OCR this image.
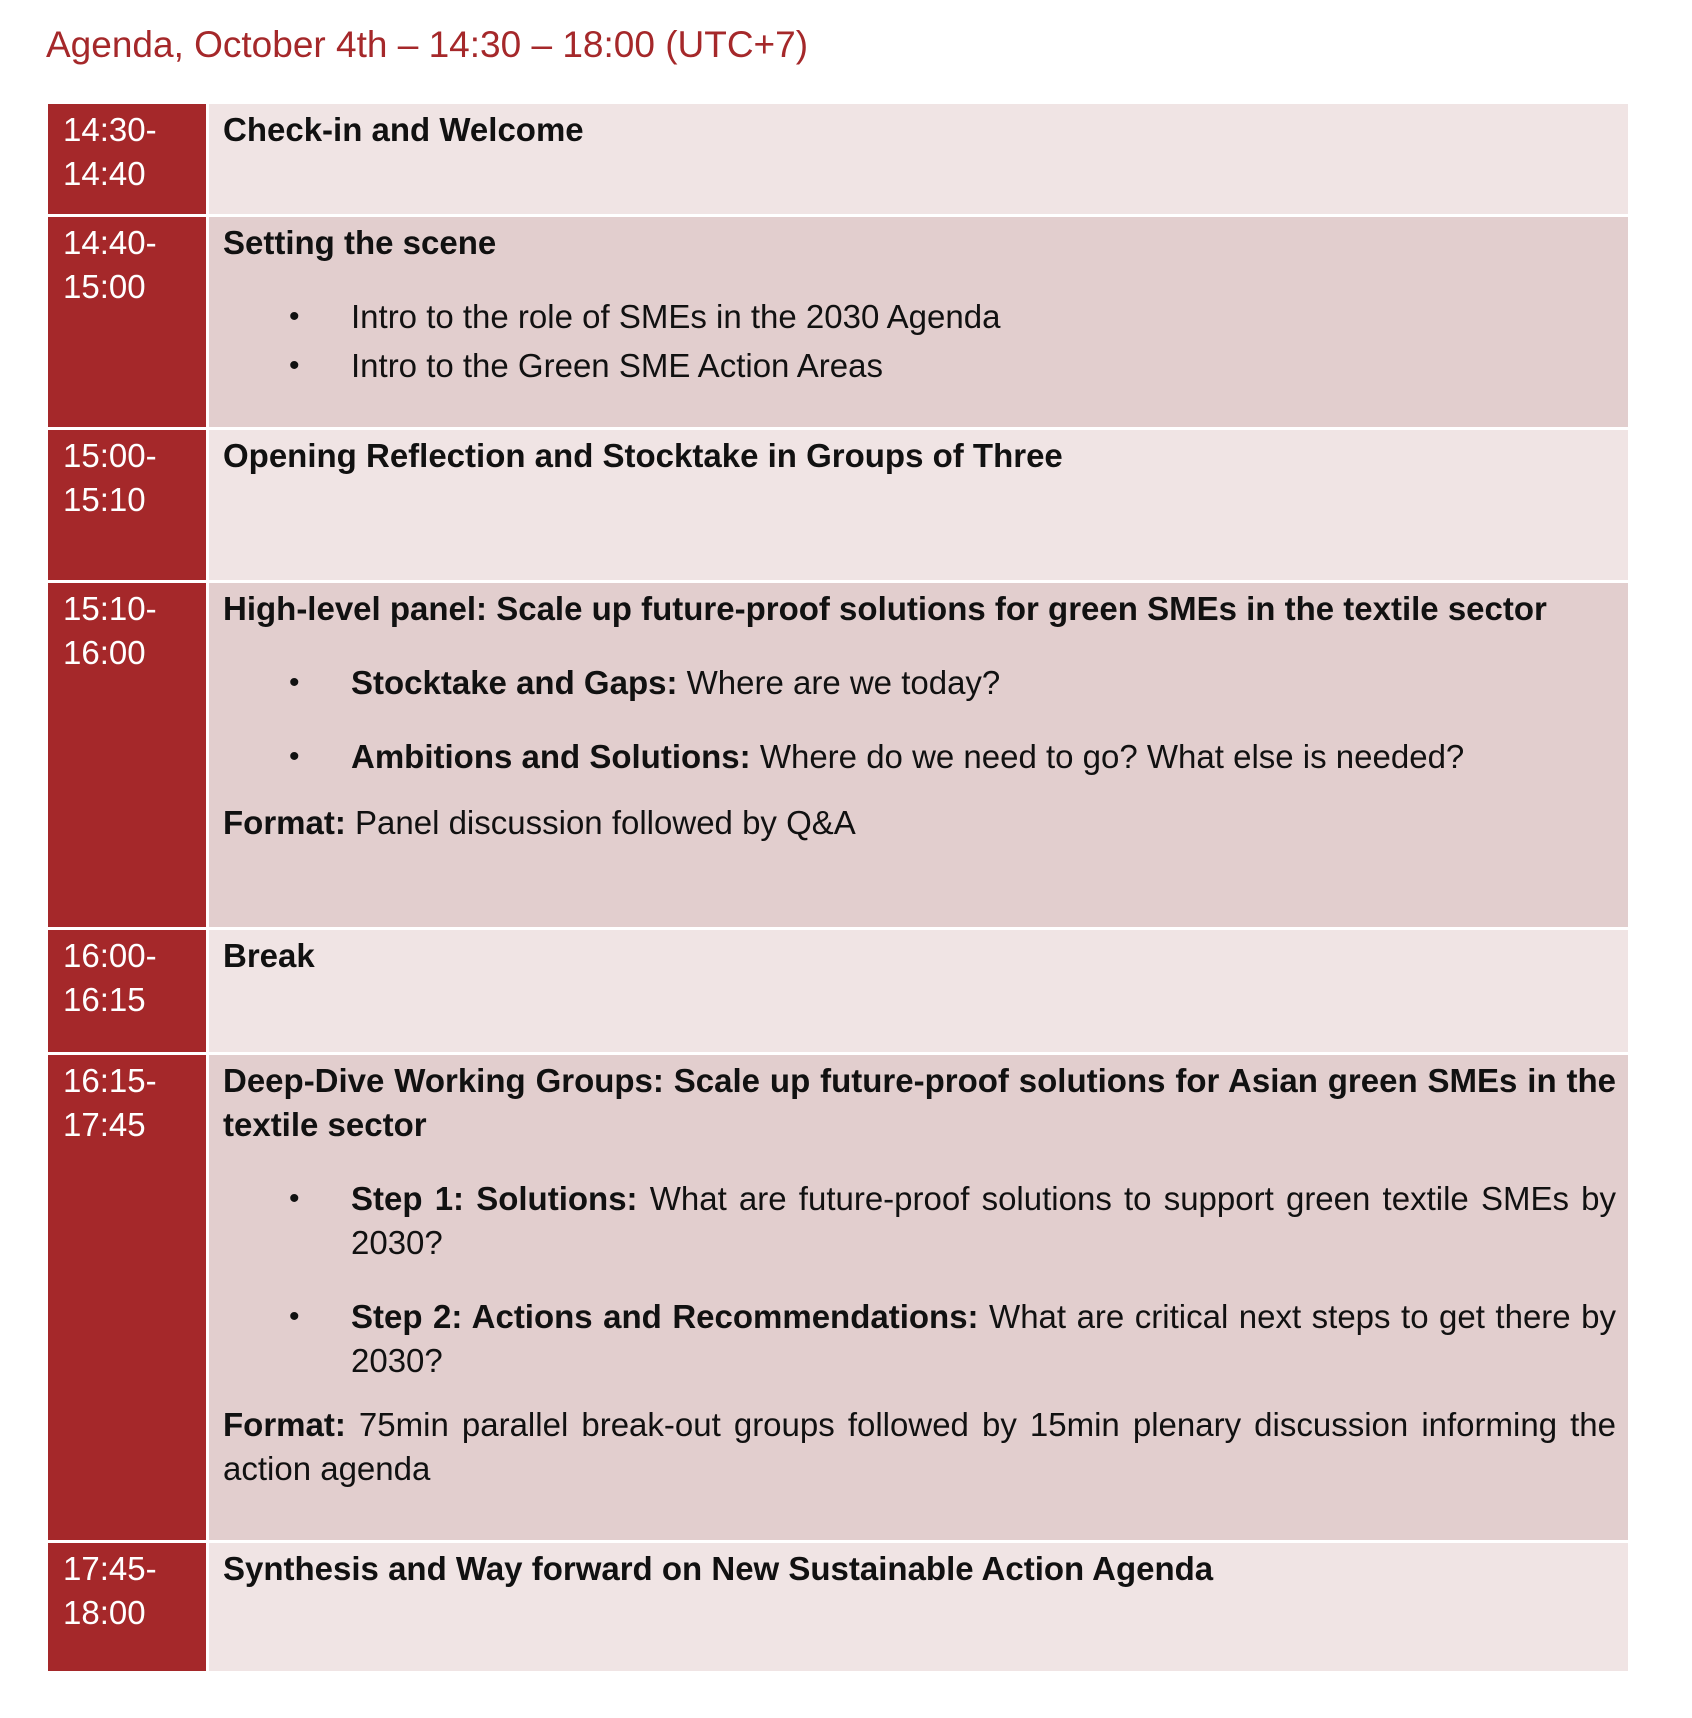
Agenda, October 4th – 14:30 – 18:00 (UTC+7)
14:30-
14:40

Check-in and Welcome

14:40-
15:00

Setting the scene

• Intro to the role of SMEs in the 2030 Agenda
• Intro to the Green SME Action Areas
15:00-
15:10

Opening Reflection and Stocktake in Groups of Three

15:10-
16:00

High-level panel: Scale up future-proof solutions for green SMEs in the textile sector

• Stocktake and Gaps: Where are we today?
• Ambitions and Solutions: Where do we need to go? What else is needed?

Format: Panel discussion followed by Q&A

16:00-
16:15

Break

16:15-
17:45

Deep-Dive Working Groups: Scale up future-proof solutions for Asian green SMEs in the textile sector

• Step 1: Solutions: What are future-proof solutions to support green textile SMEs by 2030?
• Step 2: Actions and Recommendations: What are critical next steps to get there by 2030?

Format: 75min parallel break-out groups followed by 15min plenary discussion informing the action agenda

17:45-
18:00

Synthesis and Way forward on New Sustainable Action Agenda
